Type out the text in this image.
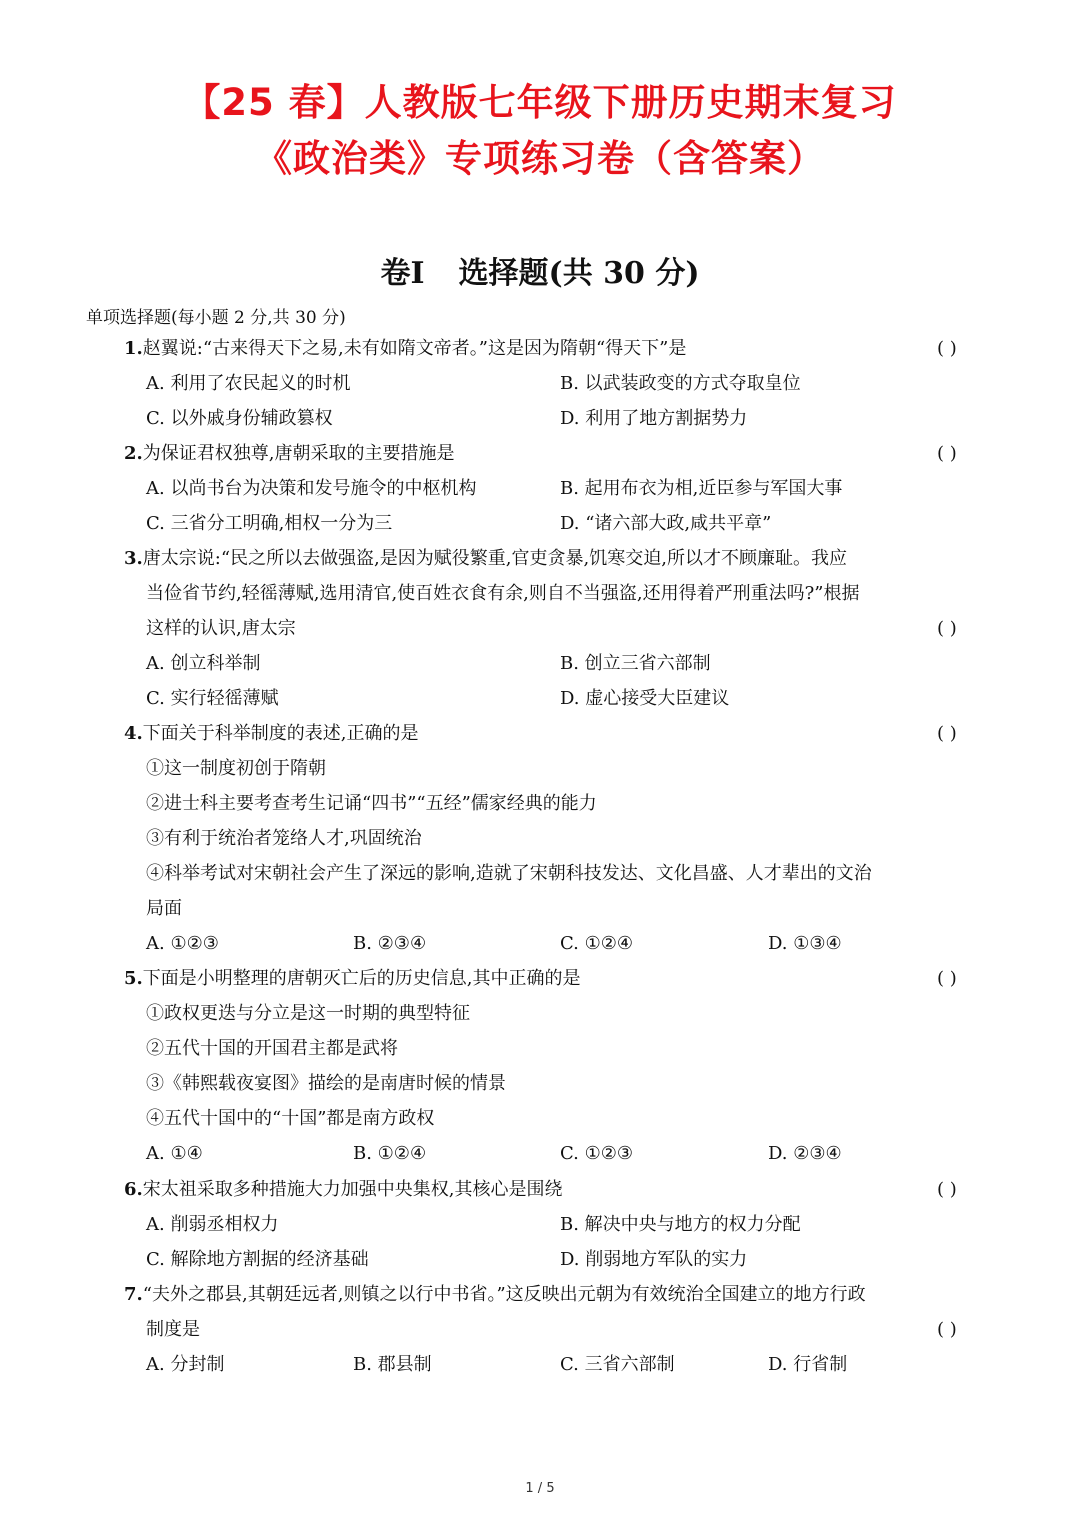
【25 春】人教版七年级下册历史期末复习
《政治类》专项练习卷（含答案）
卷Ⅰ 选择题(共 30 分)
单项选择题(每小题 2 分,共 30 分)
1.赵翼说:“古来得天下之易,未有如隋文帝者。”这是因为隋朝“得天下”是	( )
A. 利用了农民起义的时机	B. 以武装政变的方式夺取皇位
C. 以外戚身份辅政篡权	D. 利用了地方割据势力
2.为保证君权独尊,唐朝采取的主要措施是	( )
A. 以尚书台为决策和发号施令的中枢机构	B. 起用布衣为相,近臣参与军国大事
C. 三省分工明确,相权一分为三	D. “诸六部大政,咸共平章”
3.唐太宗说:“民之所以去做强盗,是因为赋役繁重,官吏贪暴,饥寒交迫,所以才不顾廉耻。我应
当俭省节约,轻徭薄赋,选用清官,使百姓衣食有余,则自不当强盗,还用得着严刑重法吗?”根据
这样的认识,唐太宗	( )
A. 创立科举制	B. 创立三省六部制
C. 实行轻徭薄赋	D. 虚心接受大臣建议
4.下面关于科举制度的表述,正确的是	( )
①这一制度初创于隋朝
②进士科主要考查考生记诵“四书”“五经”儒家经典的能力
③有利于统治者笼络人才,巩固统治
④科举考试对宋朝社会产生了深远的影响,造就了宋朝科技发达、文化昌盛、人才辈出的文治
局面
A. ①②③	B. ②③④	C. ①②④	D. ①③④
5.下面是小明整理的唐朝灭亡后的历史信息,其中正确的是	( )
①政权更迭与分立是这一时期的典型特征
②五代十国的开国君主都是武将
③《韩熙载夜宴图》描绘的是南唐时候的情景
④五代十国中的“十国”都是南方政权
A. ①④	B. ①②④	C. ①②③	D. ②③④
6.宋太祖采取多种措施大力加强中央集权,其核心是围绕	( )
A. 削弱丞相权力	B. 解决中央与地方的权力分配
C. 解除地方割据的经济基础	D. 削弱地方军队的实力
7.“夫外之郡县,其朝廷远者,则镇之以行中书省。”这反映出元朝为有效统治全国建立的地方行政
制度是	( )
A. 分封制	B. 郡县制	C. 三省六部制	D. 行省制
1 / 5
